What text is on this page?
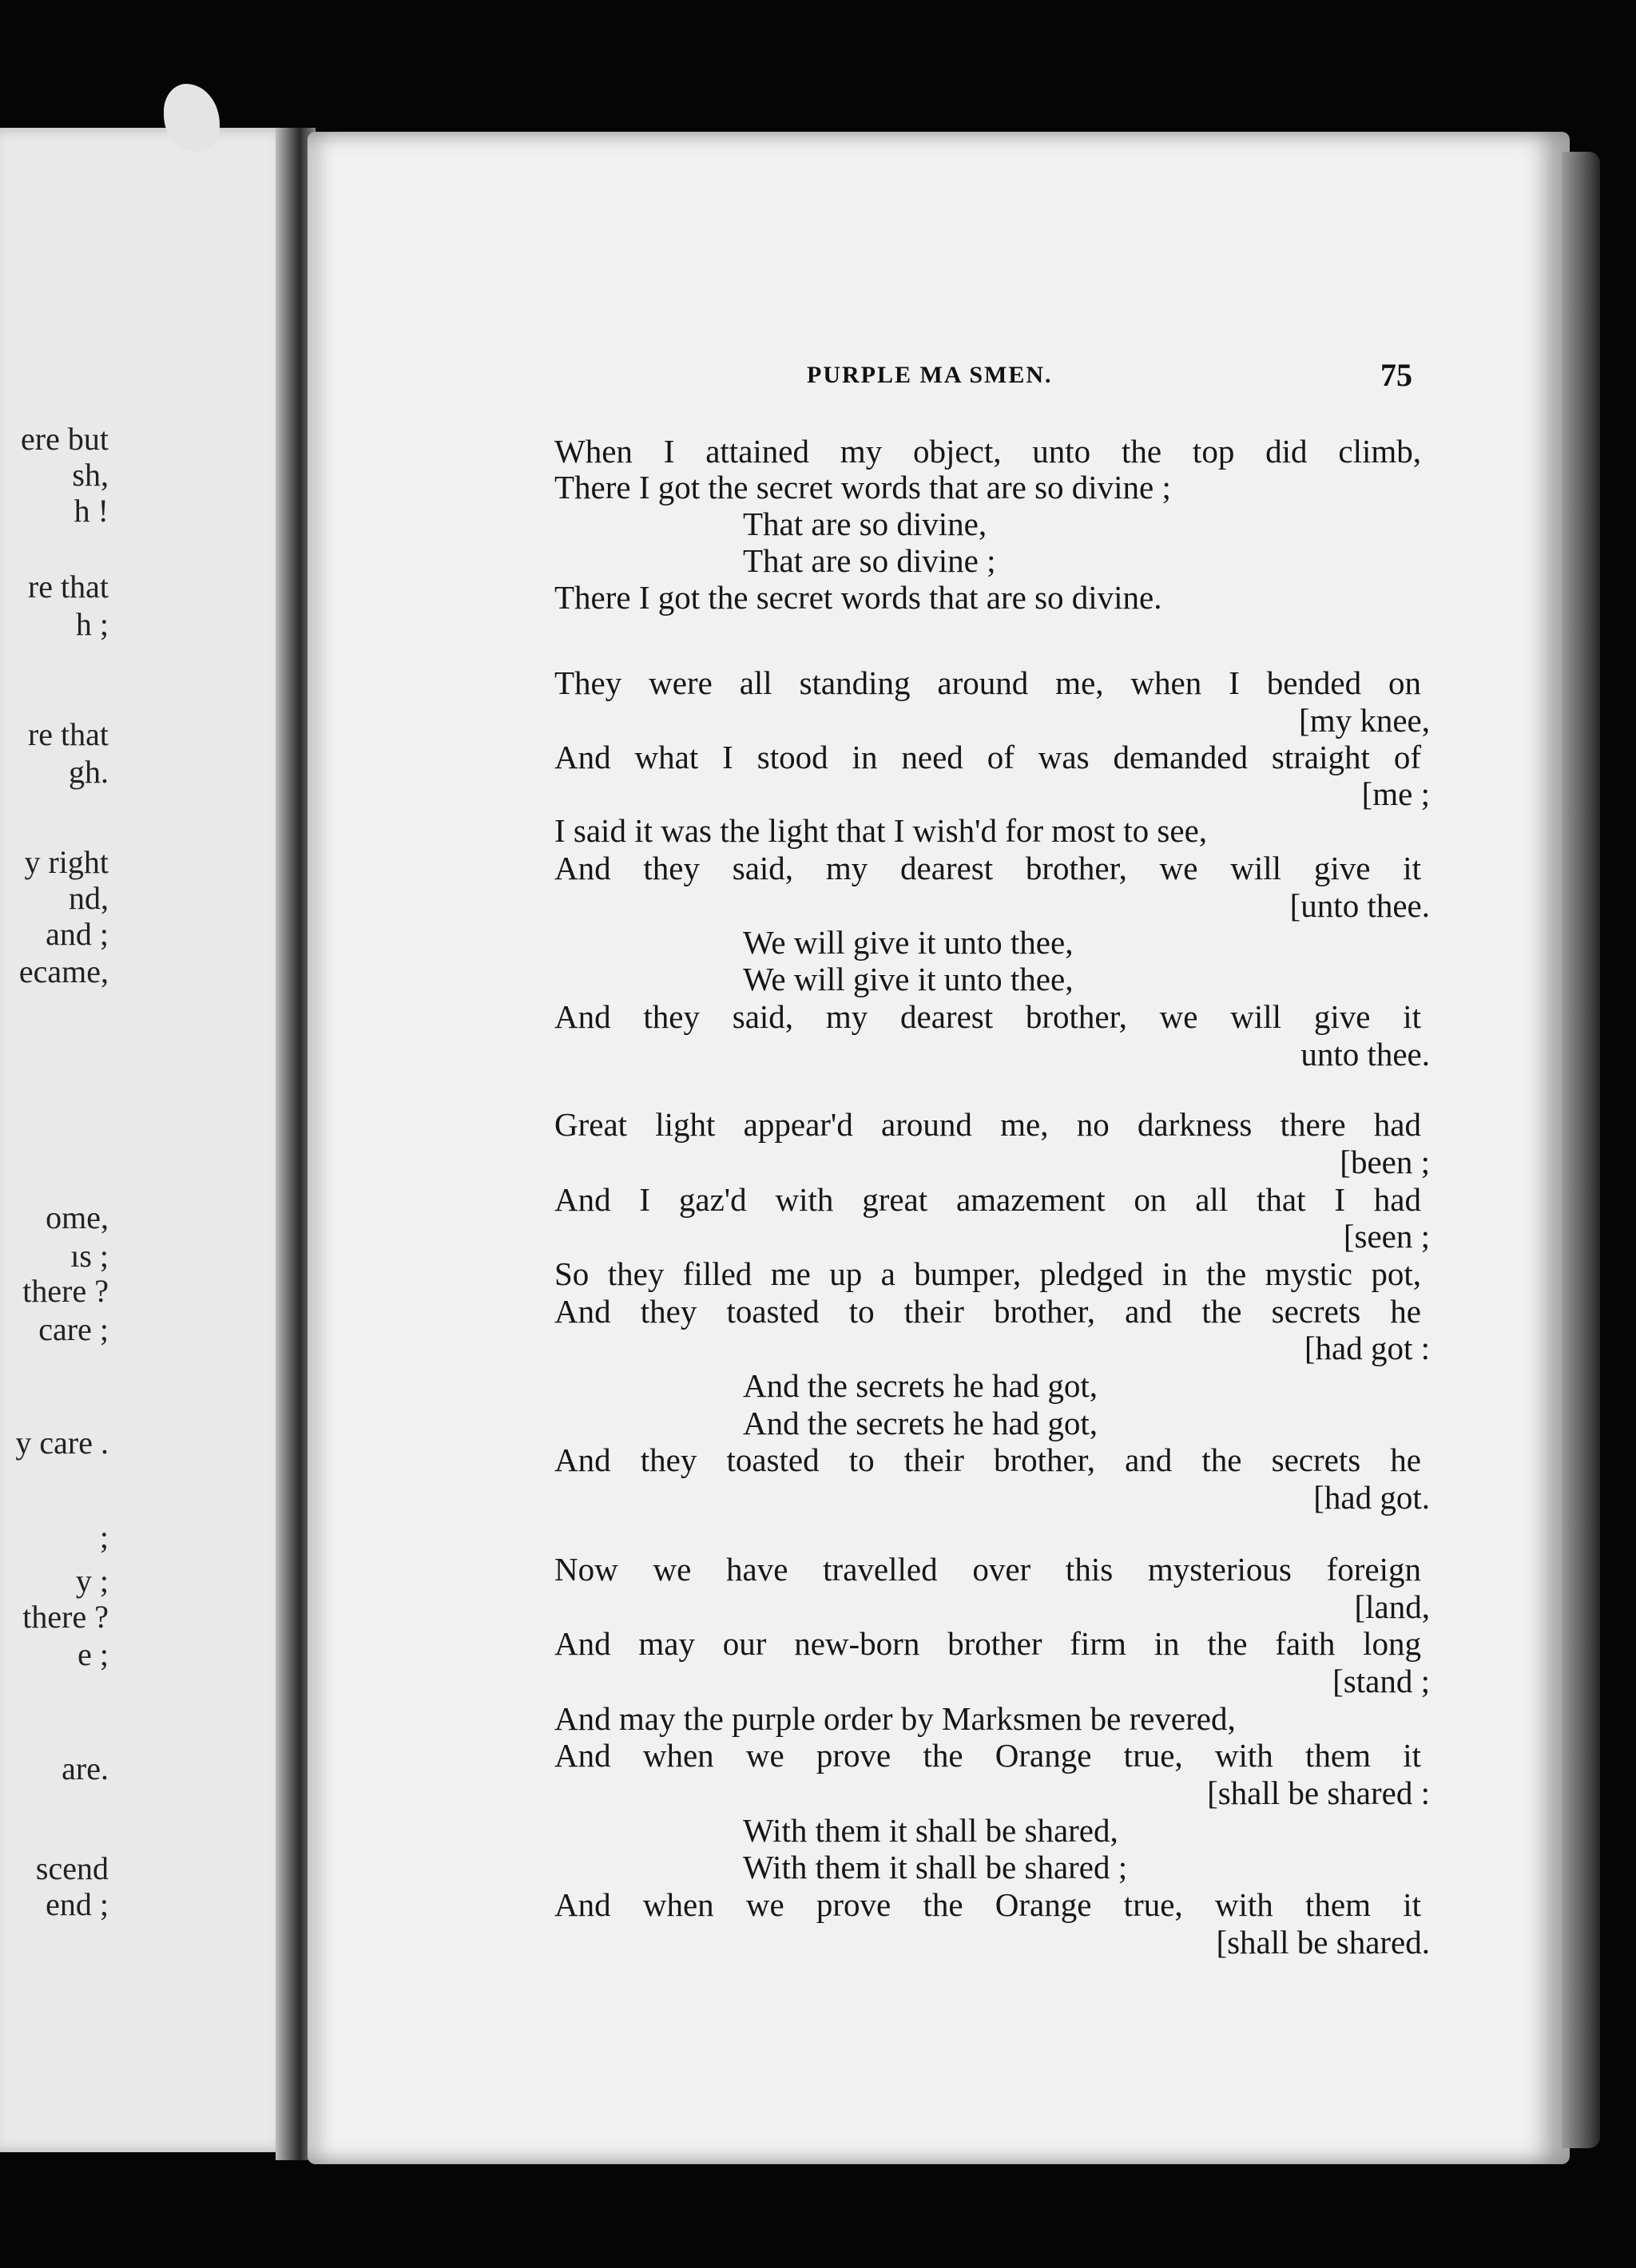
ere but

sh,

h !

re that

h ;

re that

gh.

y right

nd,

and ;

ecame,

ome,

ıs ;

there ?

care ;

y care .

;

y ;

there ?

e ;

are.

scend

end ;

PURPLE MA ⁠SMEN.	75

When I attained my object, unto the top did climb,

There I got the secret words that are so divine ;

That are so divine,

That are so divine ;

There I got the secret words that are so divine.

They were all standing around me, when I bended on

[my knee,

And what I stood in need of was demanded straight of

[me ;

I said it was the light that I wish'd for most to see,

And they said, my dearest brother, we will give it

[unto thee.

We will give it unto thee,

We will give it unto thee,

And they said, my dearest brother, we will give it

unto thee.

Great light appear'd around me, no darkness there had

[been ;

And I gaz'd with great amazement on all that I had

[seen ;

So they filled me up a bumper, pledged in the mystic pot,

And they toasted to their brother, and the secrets he

[had got :

And the secrets he had got,

And the secrets he had got,

And they toasted to their brother, and the secrets he

[had got.

Now we have travelled over this mysterious foreign

[land,

And may our new-born brother firm in the faith long

[stand ;

And may the purple order by Marksmen be revered,

And when we prove the Orange true, with them it

[shall be shared :

With them it shall be shared,

With them it shall be shared ;

And when we prove the Orange true, with them it

[shall be shared.
